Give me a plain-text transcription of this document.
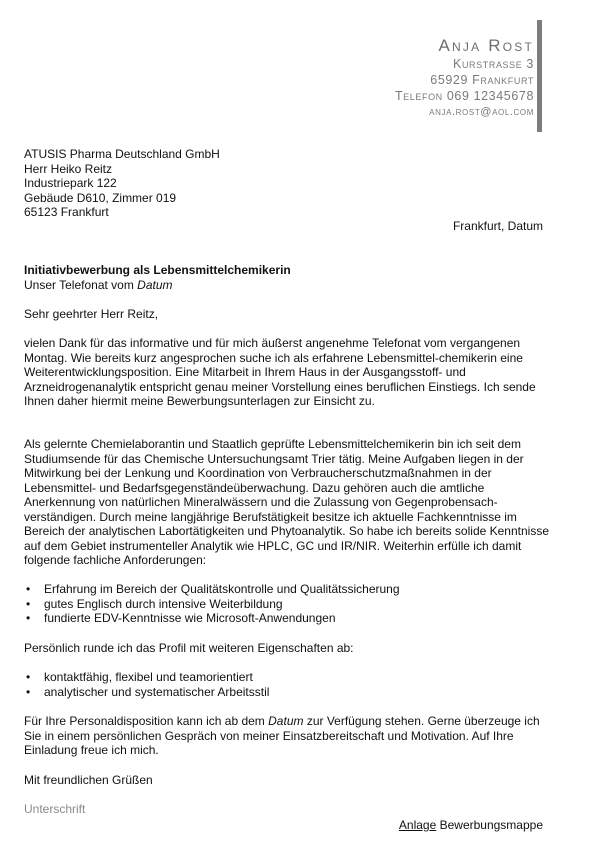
Anja Rost
Kurstrasse 3
65929 Frankfurt
Telefon 069 12345678
anja.rost@aol.com
ATUSIS Pharma Deutschland GmbH
Herr Heiko Reitz
Industriepark 122
Gebäude D610, Zimmer 019
65123 Frankfurt
Frankfurt, Datum
Initiativbewerbung als Lebensmittelchemikerin
Unser Telefonat vom Datum
Sehr geehrter Herr Reitz,
vielen Dank für das informative und für mich äußerst angenehme Telefonat vom vergangenen Montag. Wie bereits kurz angesprochen suche ich als erfahrene Lebensmittel-chemikerin eine Weiterentwicklungsposition. Eine Mitarbeit in Ihrem Haus in der Ausgangsstoff- und Arzneidrogenanalytik entspricht genau meiner Vorstellung eines beruflichen Einstiegs. Ich sende Ihnen daher hiermit meine Bewerbungsunterlagen zur Einsicht zu.
Als gelernte Chemielaborantin und Staatlich geprüfte Lebensmittelchemikerin bin ich seit dem Studiumsende für das Chemische Untersuchungsamt Trier tätig. Meine Aufgaben liegen in der Mitwirkung bei der Lenkung und Koordination von Verbraucherschutzmaßnahmen in der Lebensmittel- und Bedarfsgegenständeüberwachung. Dazu gehören auch die amtliche Anerkennung von natürlichen Mineralwässern und die Zulassung von Gegenprobensach-verständigen. Durch meine langjährige Berufstätigkeit besitze ich aktuelle Fachkenntnisse im Bereich der analytischen Labortätigkeiten und Phytoanalytik. So habe ich bereits solide Kenntnisse auf dem Gebiet instrumenteller Analytik wie HPLC, GC und IR/NIR. Weiterhin erfülle ich damit folgende fachliche Anforderungen:
• Erfahrung im Bereich der Qualitätskontrolle und Qualitätssicherung
• gutes Englisch durch intensive Weiterbildung
• fundierte EDV-Kenntnisse wie Microsoft-Anwendungen
Persönlich runde ich das Profil mit weiteren Eigenschaften ab:
• kontaktfähig, flexibel und teamorientiert
• analytischer und systematischer Arbeitsstil
Für Ihre Personaldisposition kann ich ab dem Datum zur Verfügung stehen. Gerne überzeuge ich Sie in einem persönlichen Gespräch von meiner Einsatzbereitschaft und Motivation. Auf Ihre Einladung freue ich mich.
Mit freundlichen Grüßen
Unterschrift
Anlage Bewerbungsmappe
